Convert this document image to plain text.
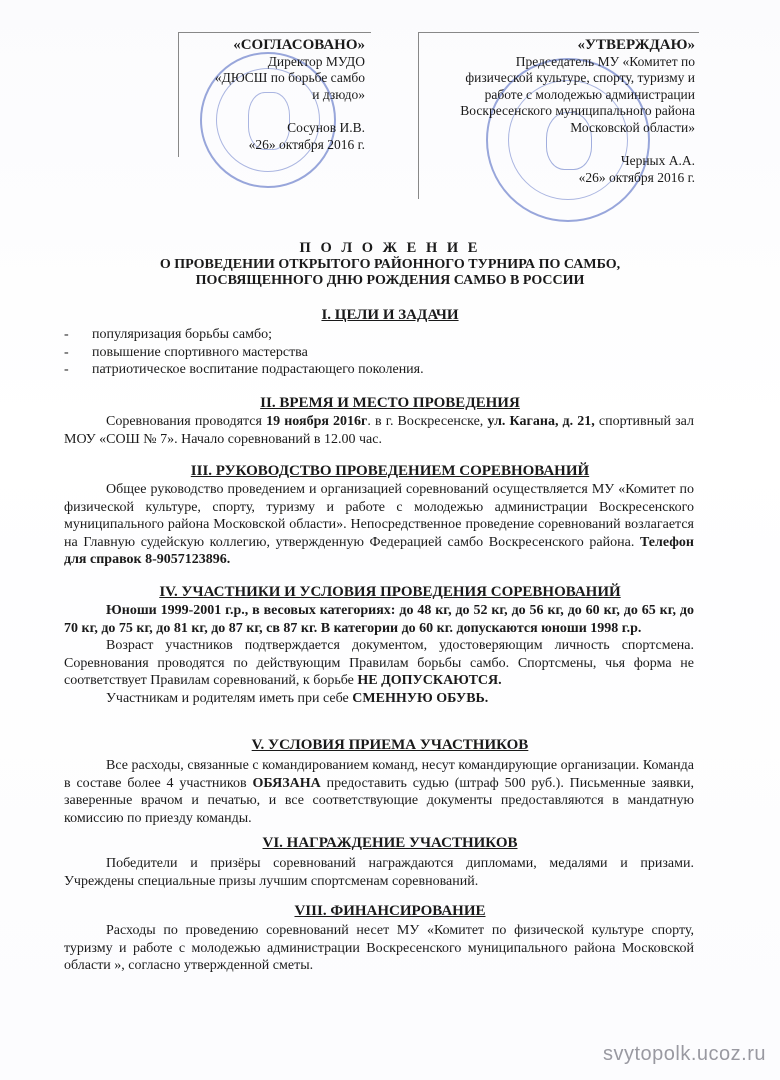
«СОГЛАСОВАНО»
Директор МУДО
«ДЮСШ по борьбе самбо
и дзюдо»
Сосунов И.В.
«26» октября 2016 г.
«УТВЕРЖДАЮ»
Председатель МУ «Комитет по
физической культуре, спорту, туризму и
работе с молодежью администрации
Воскресенского муниципального района
Московской области»
Черных А.А.
«26» октября 2016 г.
П О Л О Ж Е Н И Е
О ПРОВЕДЕНИИ ОТКРЫТОГО РАЙОННОГО ТУРНИРА ПО САМБО,
ПОСВЯЩЕННОГО ДНЮ РОЖДЕНИЯ САМБО В РОССИИ
I. ЦЕЛИ И ЗАДАЧИ
- популяризация борьбы самбо;
- повышение спортивного мастерства
- патриотическое воспитание подрастающего поколения.
II. ВРЕМЯ И МЕСТО ПРОВЕДЕНИЯ

Соревнования проводятся 19 ноября 2016г. в г. Воскресенске, ул. Кагана, д. 21, спортивный зал МОУ «СОШ № 7». Начало соревнований в 12.00 час.

III. РУКОВОДСТВО ПРОВЕДЕНИЕМ СОРЕВНОВАНИЙ

Общее руководство проведением и организацией соревнований осуществляется МУ «Комитет по физической культуре, спорту, туризму и работе с молодежью администрации Воскресенского муниципального района Московской области». Непосредственное проведение соревнований возлагается на Главную судейскую коллегию, утвержденную Федерацией самбо Воскресенского района. Телефон для справок 8-9057123896.

IV. УЧАСТНИКИ И УСЛОВИЯ ПРОВЕДЕНИЯ СОРЕВНОВАНИЙ

Юноши 1999-2001 г.р., в весовых категориях: до 48 кг, до 52 кг, до 56 кг, до 60 кг, до 65 кг, до 70 кг, до 75 кг, до 81 кг, до 87 кг, св 87 кг. В категории до 60 кг. допускаются юноши 1998 г.р.

Возраст участников подтверждается документом, удостоверяющим личность спортсмена. Соревнования проводятся по действующим Правилам борьбы самбо. Спортсмены, чья форма не соответствует Правилам соревнований, к борьбе НЕ ДОПУСКАЮТСЯ.

Участникам и родителям иметь при себе СМЕННУЮ ОБУВЬ.

V. УСЛОВИЯ ПРИЕМА УЧАСТНИКОВ

Все расходы, связанные с командированием команд, несут командирующие организации. Команда в составе более 4 участников ОБЯЗАНА предоставить судью (штраф 500 руб.). Письменные заявки, заверенные врачом и печатью, и все соответствующие документы предоставляются в мандатную комиссию по приезду команды.

VI. НАГРАЖДЕНИЕ УЧАСТНИКОВ

Победители и призёры соревнований награждаются дипломами, медалями и призами. Учреждены специальные призы лучшим спортсменам соревнований.

VIII. ФИНАНСИРОВАНИЕ

Расходы по проведению соревнований несет МУ «Комитет по физической культуре спорту, туризму и работе с молодежью администрации Воскресенского муниципального района Московской области », согласно утвержденной сметы.

svytopolk.ucoz.ru
